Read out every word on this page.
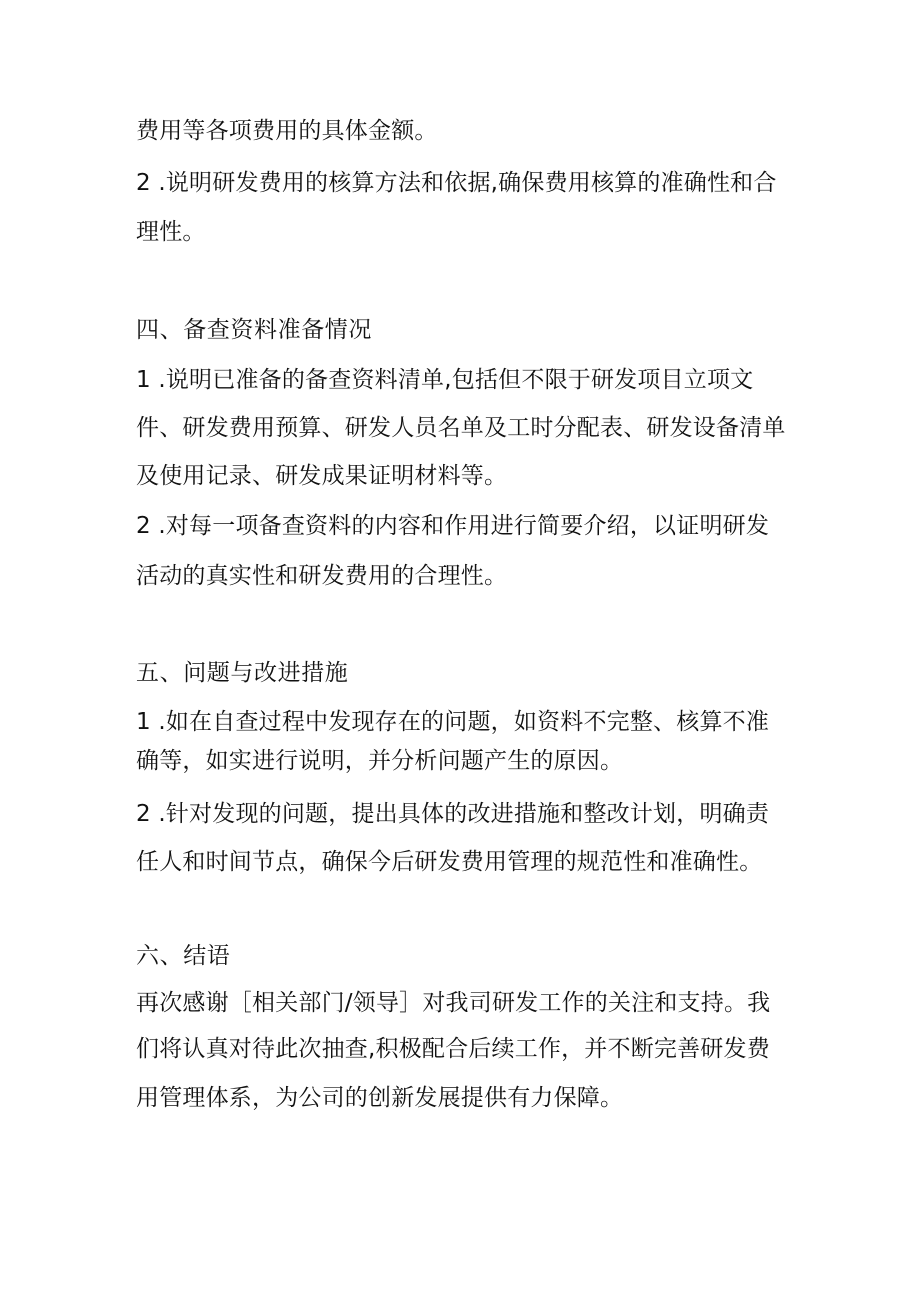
费用等各项费用的具体金额。
2 .说明研发费用的核算方法和依据,确保费用核算的准确性和合
理性。
四、备查资料准备情况
1 .说明已准备的备查资料清单,包括但不限于研发项目立项文
件、研发费用预算、研发人员名单及工时分配表、研发设备清单
及使用记录、研发成果证明材料等。
2 .对每一项备查资料的内容和作用进行简要介绍，以证明研发
活动的真实性和研发费用的合理性。
五、问题与改进措施
1 .如在自查过程中发现存在的问题，如资料不完整、核算不准
确等，如实进行说明，并分析问题产生的原因。
2 .针对发现的问题，提出具体的改进措施和整改计划，明确责
任人和时间节点，确保今后研发费用管理的规范性和准确性。
六、结语
再次感谢［相关部门/领导］对我司研发工作的关注和支持。我
们将认真对待此次抽查,积极配合后续工作，并不断完善研发费
用管理体系，为公司的创新发展提供有力保障。
